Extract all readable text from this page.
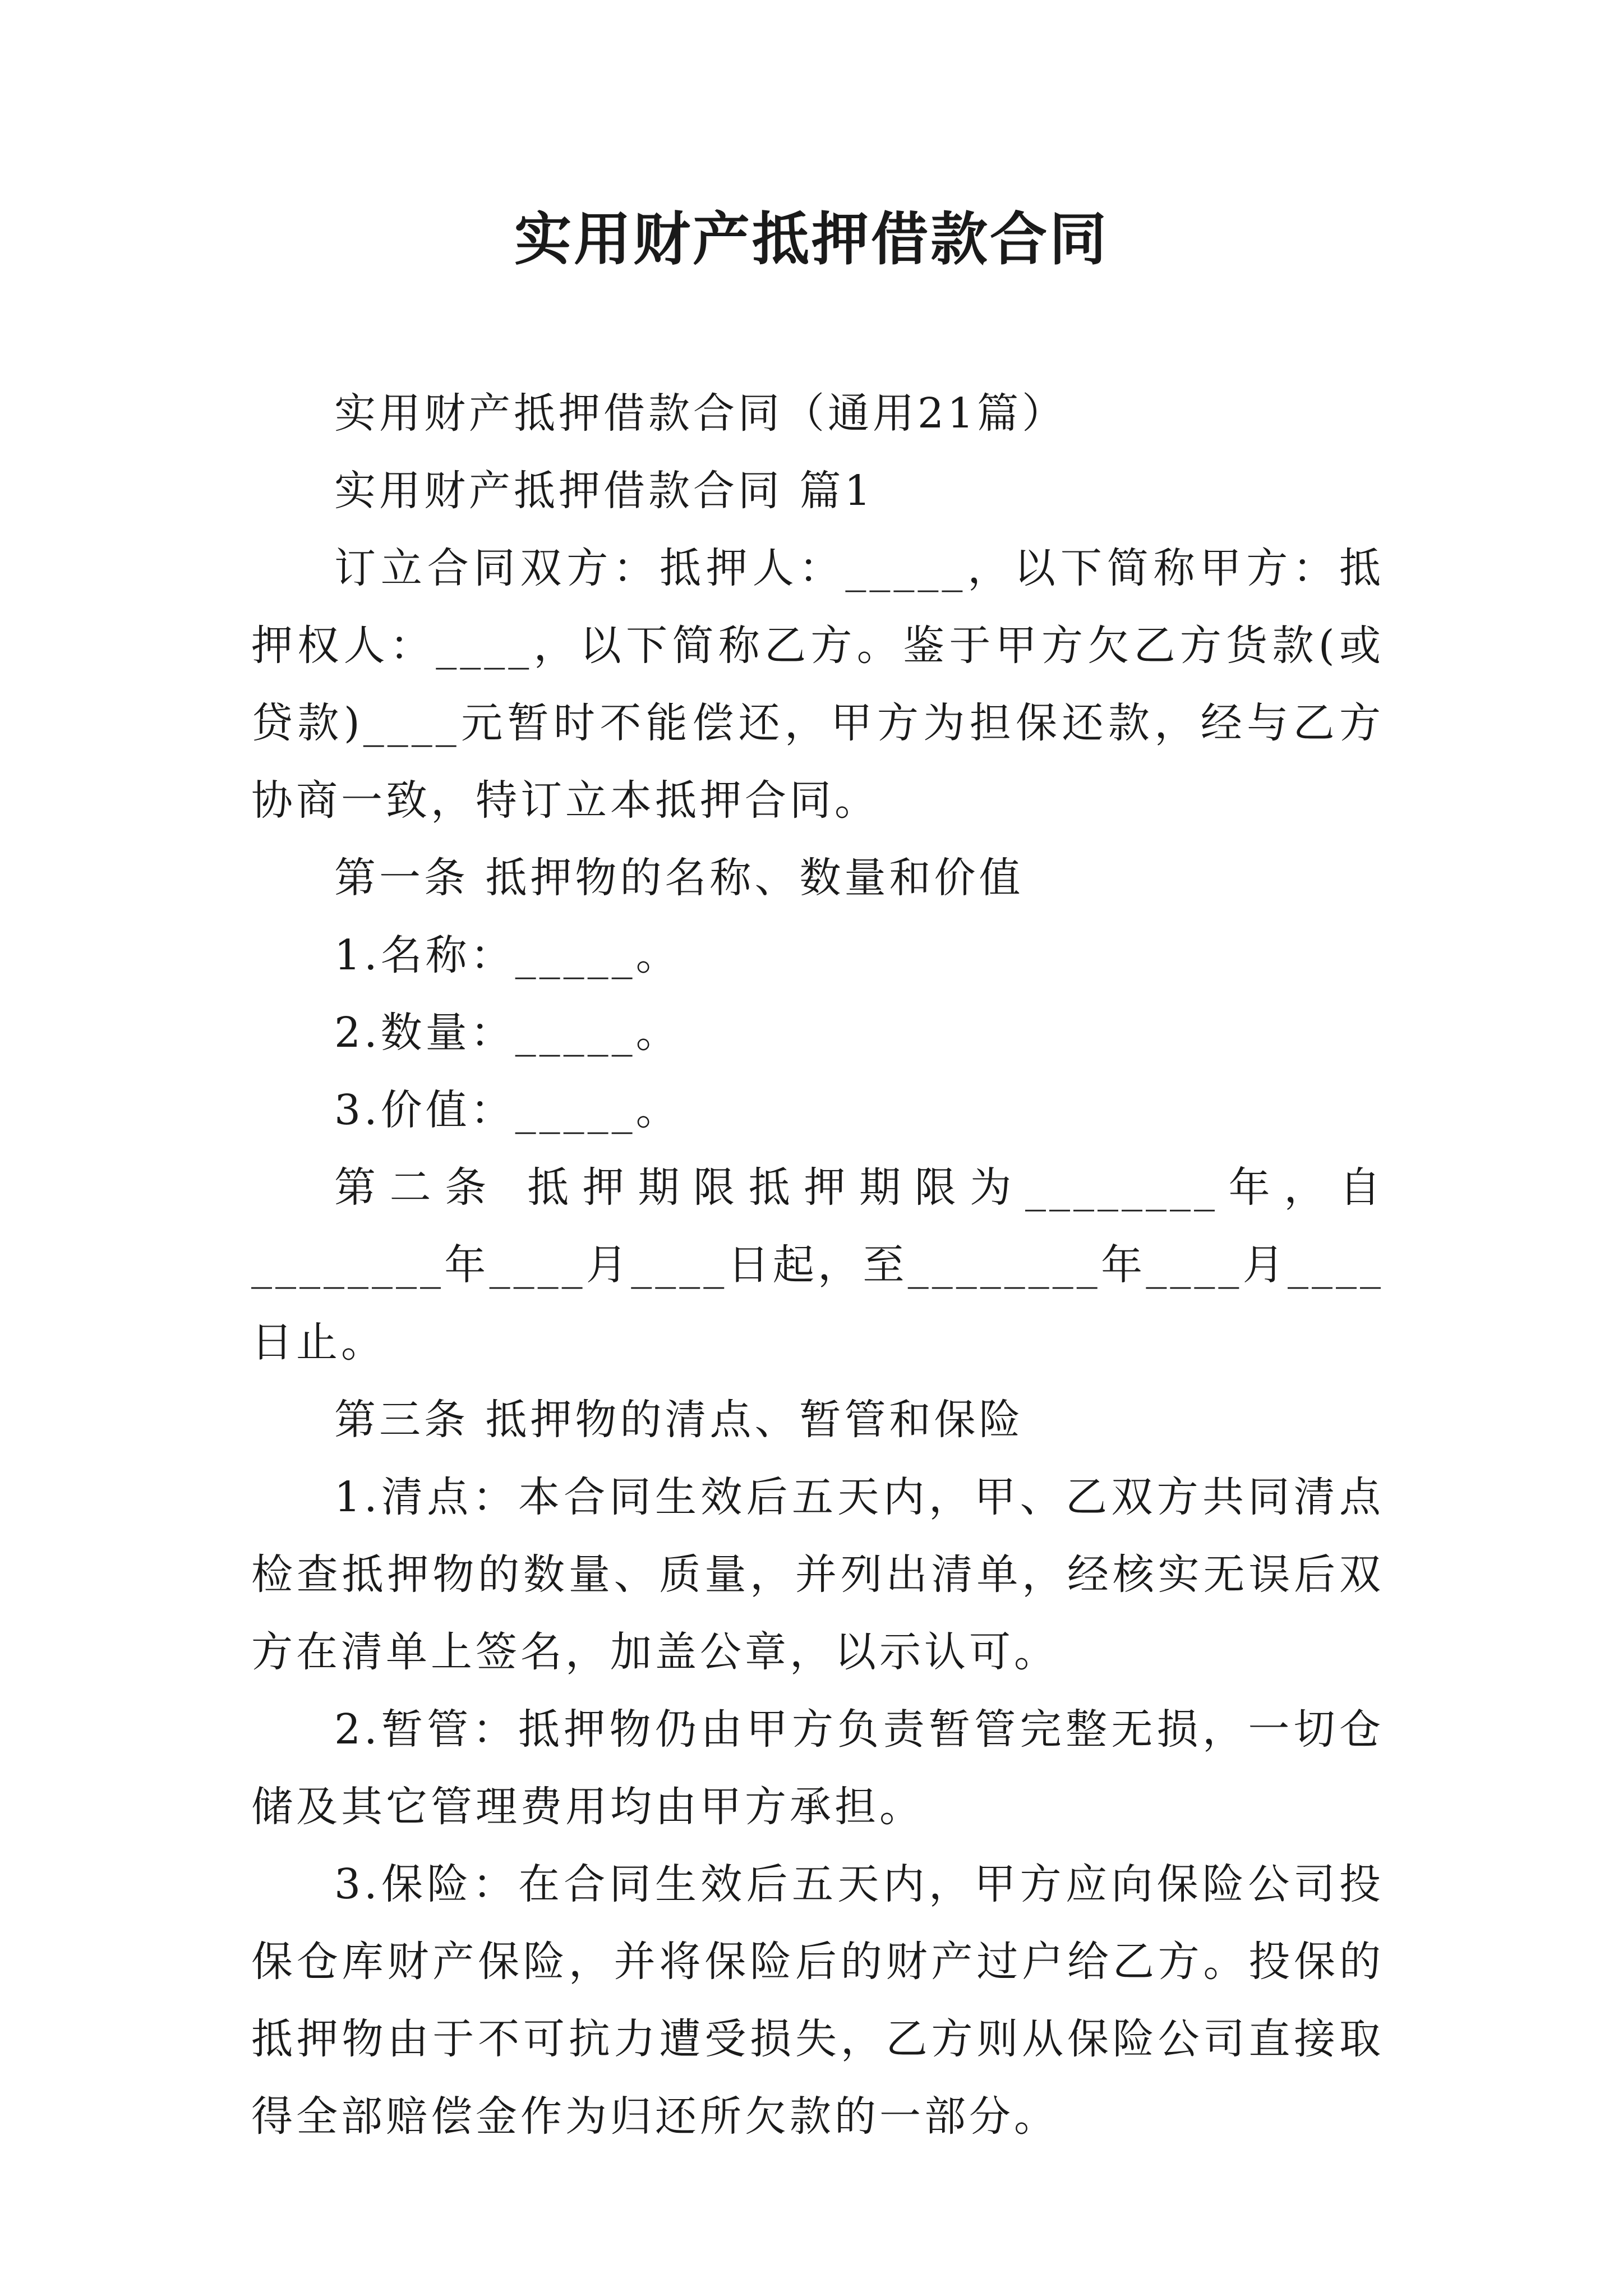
实用财产抵押借款合同

实用财产抵押借款合同（通用21篇）

实用财产抵押借款合同 篇1

订立合同双方：抵押人：_____，以下简称甲方：抵押权人：____，以下简称乙方。鉴于甲方欠乙方货款(或贷款)____元暂时不能偿还，甲方为担保还款，经与乙方协商一致，特订立本抵押合同。

第一条 抵押物的名称、数量和价值

1.名称：_____。

2.数量：_____。

3.价值：_____。

第二条 抵押期限抵押期限为________年，自________年____月____日起，至________年____月____日止。

第三条 抵押物的清点、暂管和保险

1.清点：本合同生效后五天内，甲、乙双方共同清点检查抵押物的数量、质量，并列出清单，经核实无误后双方在清单上签名，加盖公章，以示认可。

2.暂管：抵押物仍由甲方负责暂管完整无损，一切仓储及其它管理费用均由甲方承担。

3.保险：在合同生效后五天内，甲方应向保险公司投保仓库财产保险，并将保险后的财产过户给乙方。投保的抵押物由于不可抗力遭受损失，乙方则从保险公司直接取得全部赔偿金作为归还所欠款的一部分。
